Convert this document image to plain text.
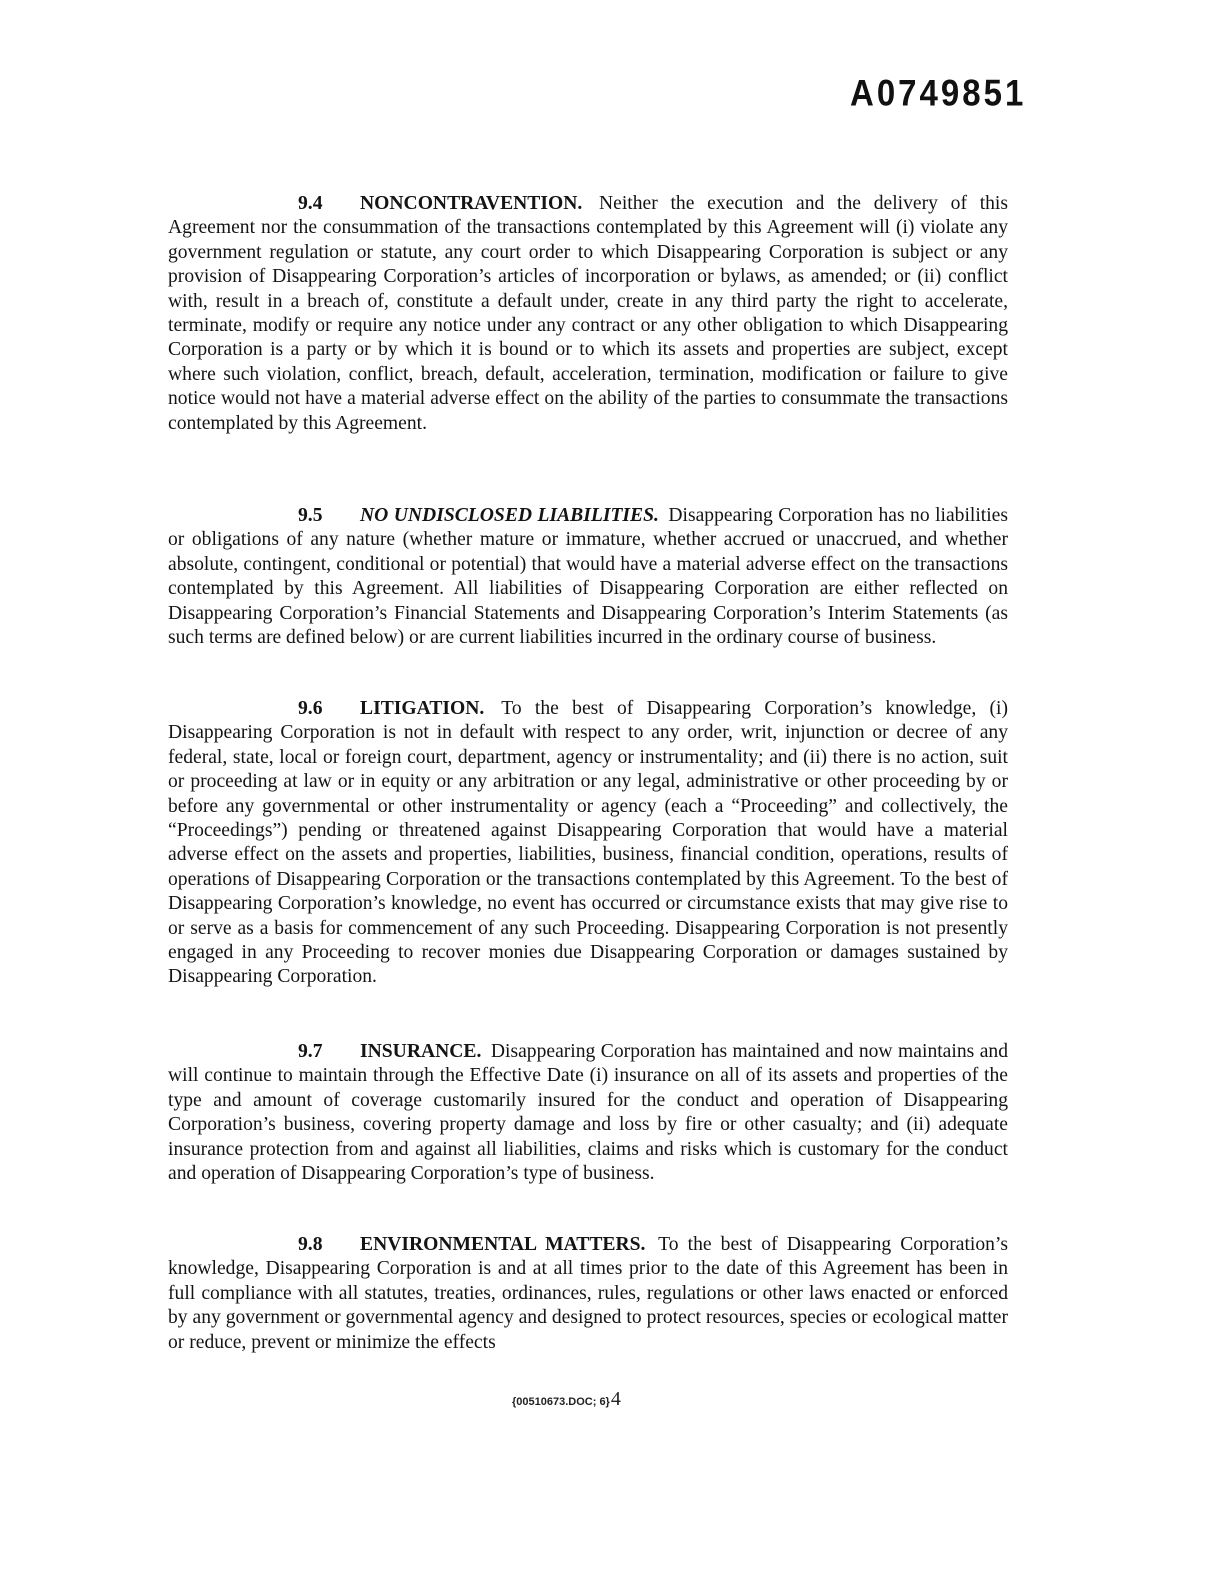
A0749851

9.4 NONCONTRAVENTION. Neither the execution and the delivery of this Agreement nor the consummation of the transactions contemplated by this Agreement will (i) violate any government regulation or statute, any court order to which Disappearing Corporation is subject or any provision of Disappearing Corporation’s articles of incorporation or bylaws, as amended; or (ii) conflict with, result in a breach of, constitute a default under, create in any third party the right to accelerate, terminate, modify or require any notice under any contract or any other obligation to which Disappearing Corporation is a party or by which it is bound or to which its assets and properties are subject, except where such violation, conflict, breach, default, acceleration, termination, modification or failure to give notice would not have a material adverse effect on the ability of the parties to consummate the transactions contemplated by this Agreement.

9.5 NO UNDISCLOSED LIABILITIES. Disappearing Corporation has no liabilities or obligations of any nature (whether mature or immature, whether accrued or unaccrued, and whether absolute, contingent, conditional or potential) that would have a material adverse effect on the transactions contemplated by this Agreement. All liabilities of Disappearing Corporation are either reflected on Disappearing Corporation’s Financial Statements and Disappearing Corporation’s Interim Statements (as such terms are defined below) or are current liabilities incurred in the ordinary course of business.

9.6 LITIGATION. To the best of Disappearing Corporation’s knowledge, (i) Disappearing Corporation is not in default with respect to any order, writ, injunction or decree of any federal, state, local or foreign court, department, agency or instrumentality; and (ii) there is no action, suit or proceeding at law or in equity or any arbitration or any legal, administrative or other proceeding by or before any governmental or other instrumentality or agency (each a “Proceeding” and collectively, the “Proceedings”) pending or threatened against Disappearing Corporation that would have a material adverse effect on the assets and properties, liabilities, business, financial condition, operations, results of operations of Disappearing Corporation or the transactions contemplated by this Agreement. To the best of Disappearing Corporation’s knowledge, no event has occurred or circumstance exists that may give rise to or serve as a basis for commencement of any such Proceeding. Disappearing Corporation is not presently engaged in any Proceeding to recover monies due Disappearing Corporation or damages sustained by Disappearing Corporation.

9.7 INSURANCE. Disappearing Corporation has maintained and now maintains and will continue to maintain through the Effective Date (i) insurance on all of its assets and properties of the type and amount of coverage customarily insured for the conduct and operation of Disappearing Corporation’s business, covering property damage and loss by fire or other casualty; and (ii) adequate insurance protection from and against all liabilities, claims and risks which is customary for the conduct and operation of Disappearing Corporation’s type of business.

9.8 ENVIRONMENTAL MATTERS. To the best of Disappearing Corporation’s knowledge, Disappearing Corporation is and at all times prior to the date of this Agreement has been in full compliance with all statutes, treaties, ordinances, rules, regulations or other laws enacted or enforced by any government or governmental agency and designed to protect resources, species or ecological matter or reduce, prevent or minimize the effects

{00510673.DOC; 6}4
